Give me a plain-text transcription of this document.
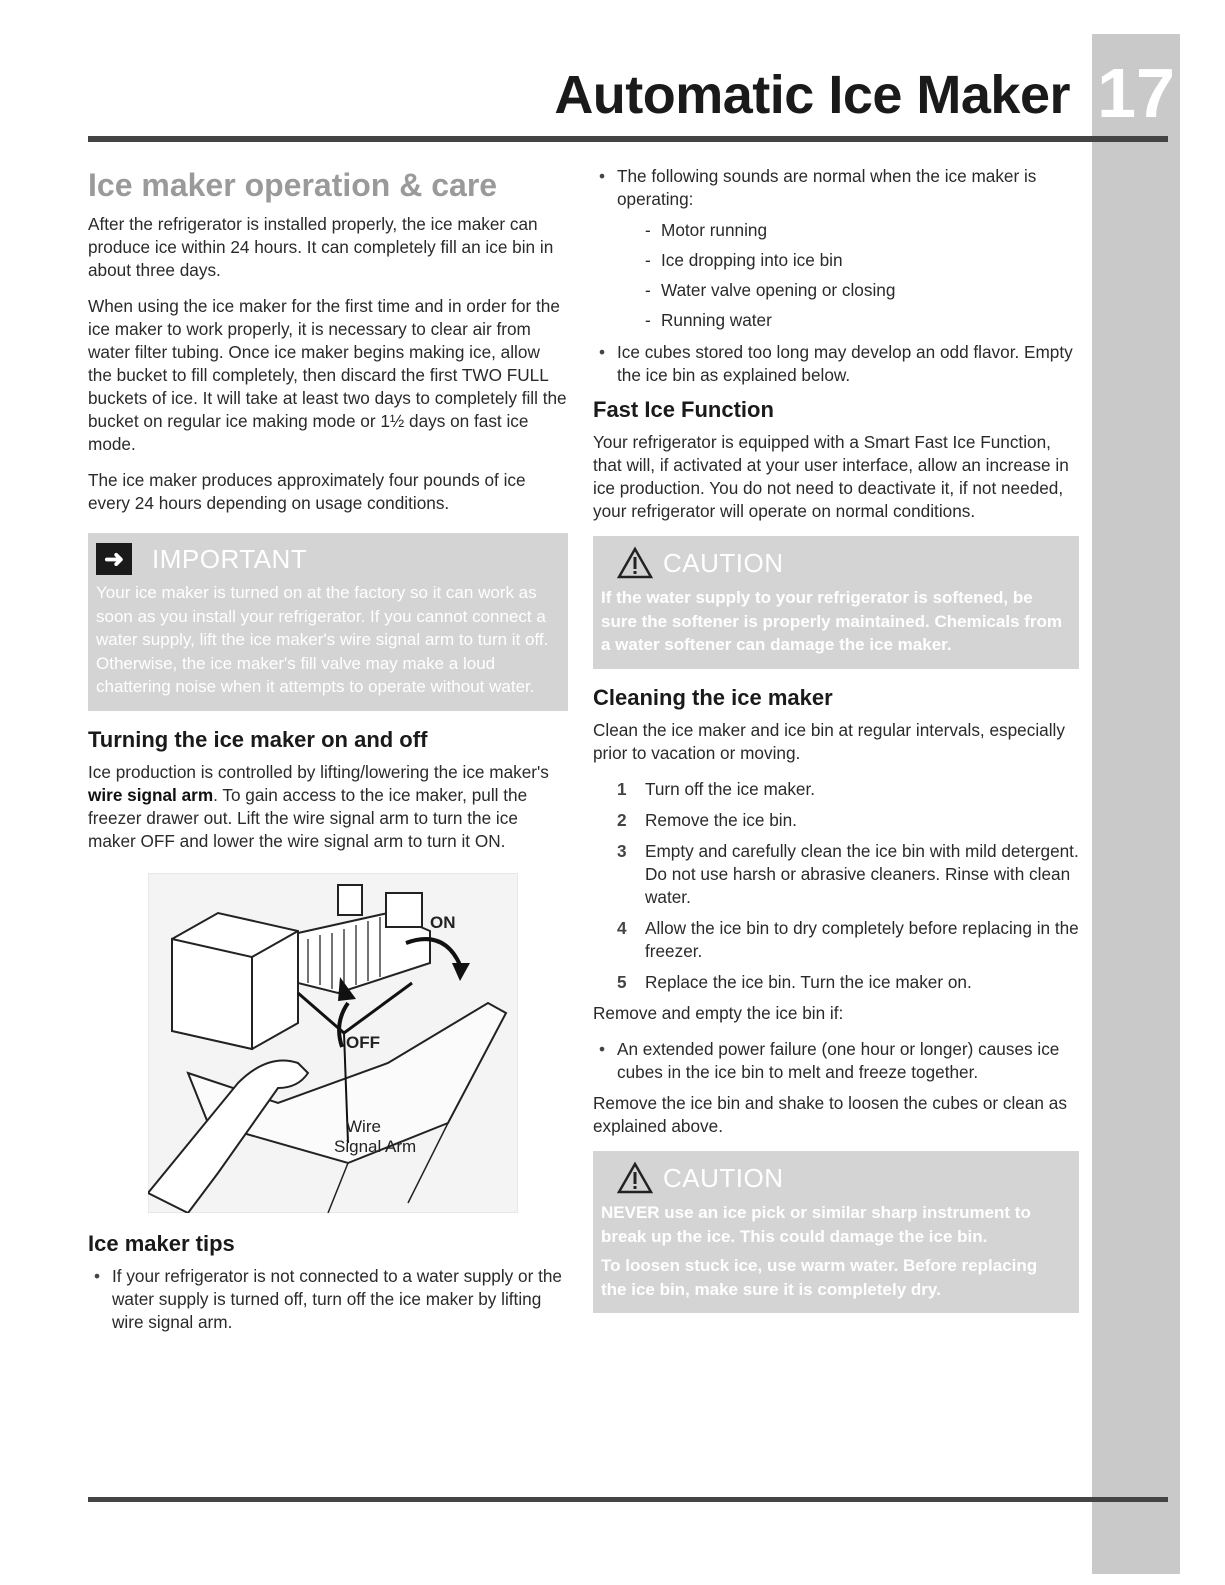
17
Automatic Ice Maker
Ice maker operation & care

After the refrigerator is installed properly, the ice maker can produce ice within 24 hours. It can completely fill an ice bin in about three days.

When using the ice maker for the first time and in order for the ice maker to work properly, it is necessary to clear air from water filter tubing. Once ice maker begins making ice, allow the bucket to fill completely, then discard the first TWO FULL buckets of ice. It will take at least two days to completely fill the bucket on regular ice making mode or 1½ days on fast ice mode.

The ice maker produces approximately four pounds of ice every 24 hours depending on usage conditions.

➜	IMPORTANT
Your ice maker is turned on at the factory so it can work as soon as you install your refrigerator. If you cannot connect a water supply, lift the ice maker's wire signal arm to turn it off. Otherwise, the ice maker's fill valve may make a loud chattering noise when it attempts to operate without water.
Turning the ice maker on and off

Ice production is controlled by lifting/lowering the ice maker's wire signal arm. To gain access to the ice maker, pull the freezer drawer out. Lift the wire signal arm to turn the ice maker OFF and lower the wire signal arm to turn it ON.

ON
OFF
Wire
Signal Arm
Ice maker tips
• If your refrigerator is not connected to a water supply or the water supply is turned off, turn off the ice maker by lifting wire signal arm.
• The following sounds are normal when the ice maker is operating:
- Motor running
- Ice dropping into ice bin
- Water valve opening or closing
- Running water
• Ice cubes stored too long may develop an odd flavor. Empty the ice bin as explained below.
Fast Ice Function

Your refrigerator is equipped with a Smart Fast Ice Function, that will, if activated at your user interface, allow an increase in ice production. You do not need to deactivate it, if not needed, your refrigerator will operate on normal conditions.

CAUTION
If the water supply to your refrigerator is softened, be sure the softener is properly maintained. Chemicals from a water softener can damage the ice maker.
Cleaning the ice maker

Clean the ice maker and ice bin at regular intervals, especially prior to vacation or moving.

1 Turn off the ice maker.
2 Remove the ice bin.
3 Empty and carefully clean the ice bin with mild detergent. Do not use harsh or abrasive cleaners. Rinse with clean water.
4 Allow the ice bin to dry completely before replacing in the freezer.
5 Replace the ice bin. Turn the ice maker on.

Remove and empty the ice bin if:

• An extended power failure (one hour or longer) causes ice cubes in the ice bin to melt and freeze together.

Remove the ice bin and shake to loosen the cubes or clean as explained above.

CAUTION
NEVER use an ice pick or similar sharp instrument to break up the ice. This could damage the ice bin.
To loosen stuck ice, use warm water. Before replacing the ice bin, make sure it is completely dry.
